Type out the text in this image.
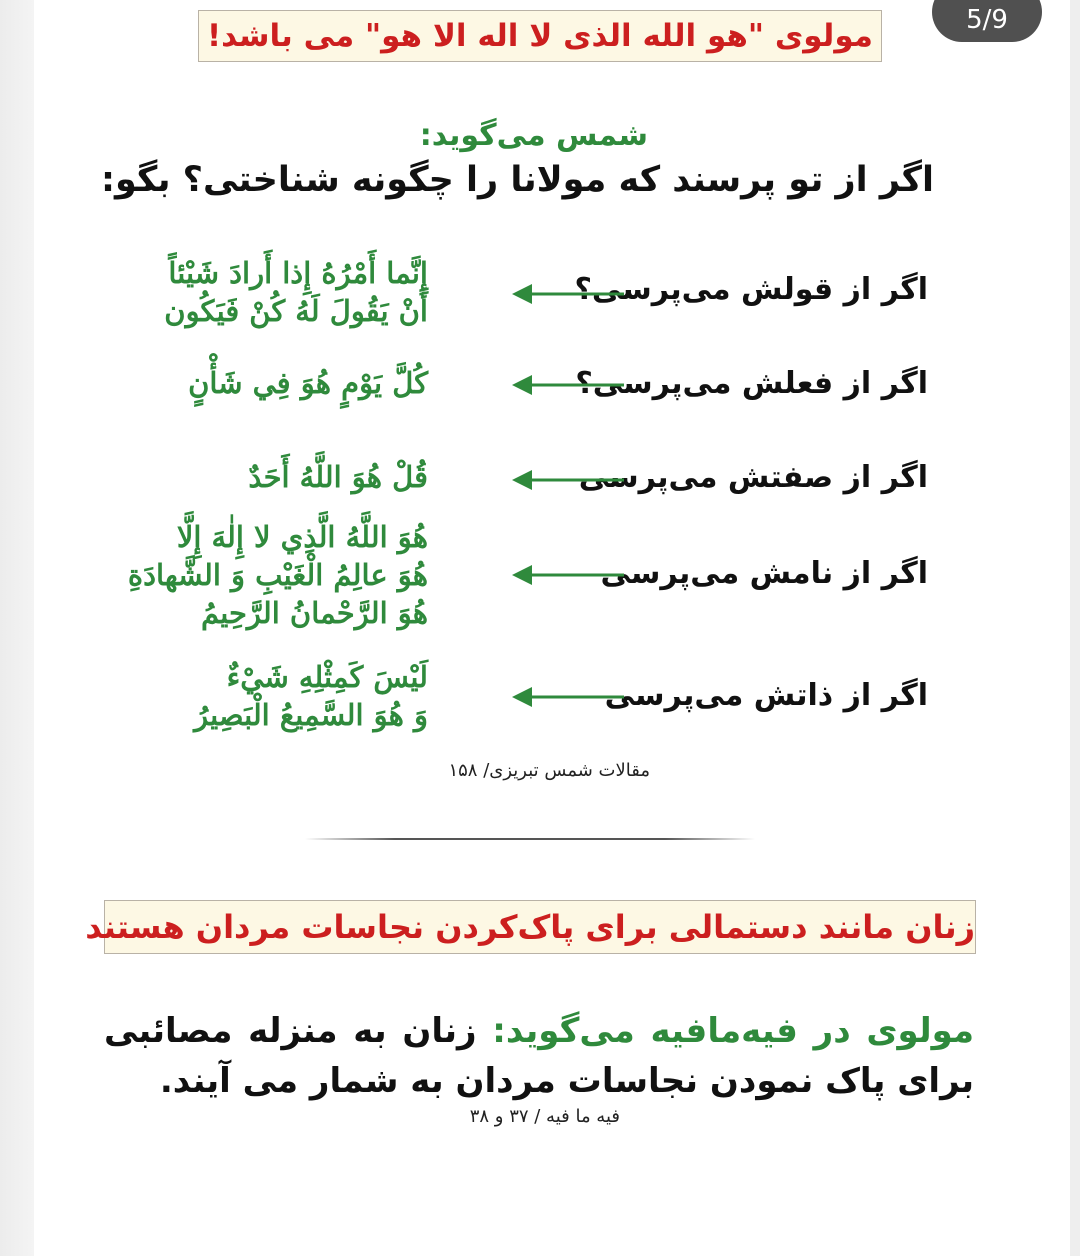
مولوی "هو الله الذی لا اله الا هو" می باشد!
شمس می‌گوید:
اگر از تو پرسند که مولانا را چگونه شناختی؟ بگو:
اگر از قولش می‌پرسی؟
إِنَّما أَمْرُهُ إِذا أَرادَ شَيْئاً
أَنْ يَقُولَ لَهُ كُنْ فَيَكُون
اگر از فعلش می‌پرسی؟
كُلَّ يَوْمٍ هُوَ فِي شَأْنٍ
اگر از صفتش می‌پرسی
قُلْ هُوَ اللَّهُ أَحَدٌ
اگر از نامش می‌پرسی
هُوَ اللَّهُ الَّذِي لا إِلٰهَ إِلَّا
هُوَ عالِمُ الْغَيْبِ وَ الشَّهادَةِ
هُوَ الرَّحْمانُ الرَّحِيمُ
اگر از ذاتش می‌پرسی
لَيْسَ كَمِثْلِهِ شَيْءٌ
وَ هُوَ السَّمِيعُ الْبَصِيرُ
مقالات شمس تبریزی/ ۱۵۸
زنان مانند دستمالی برای پاک‌کردن نجاسات مردان هستند
مولوی در فیه‌مافیه می‌گوید: زنان به منزله مصائبی برای پاک نمودن نجاسات مردان به شمار می آیند.
فیه ما فیه / ۳۷ و ۳۸
5/9
